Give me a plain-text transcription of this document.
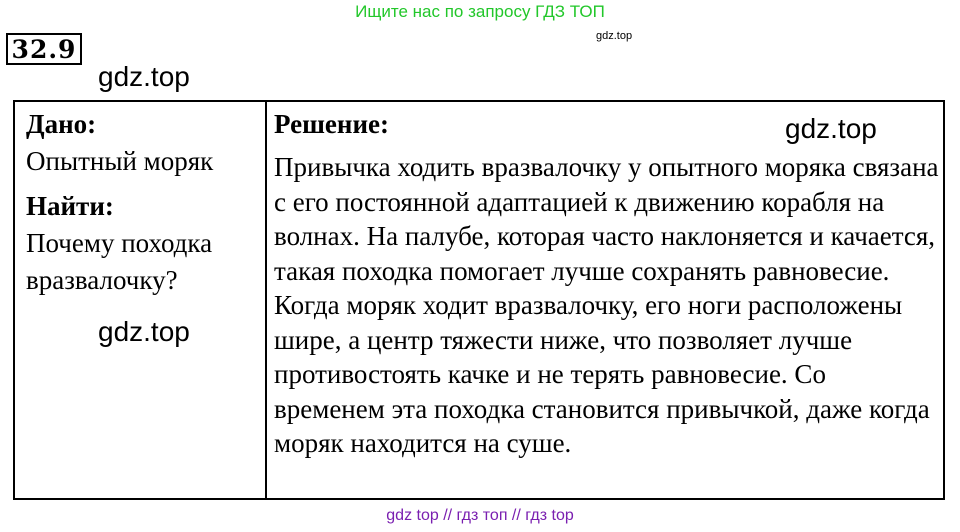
Ищите нас по запросу ГДЗ ТОП
gdz.top
32.9
gdz.top
Дано:
Опытный моряк
Найти:
Почему походка вразвалочку?
Решение:

Привычка ходить вразвалочку у опытного моряка связана с его постоянной адаптацией к движению корабля на волнах. На палубе, которая часто наклоняется и качается, такая походка помогает лучше сохранять равновесие.

Когда моряк ходит вразвалочку, его ноги расположены шире, а центр тяжести ниже, что позволяет лучше противостоять качке и не терять равновесие. Со временем эта походка становится привычкой, даже когда моряк находится на суше.

gdz.top
gdz.top
gdz top // гдз топ // гдз top
